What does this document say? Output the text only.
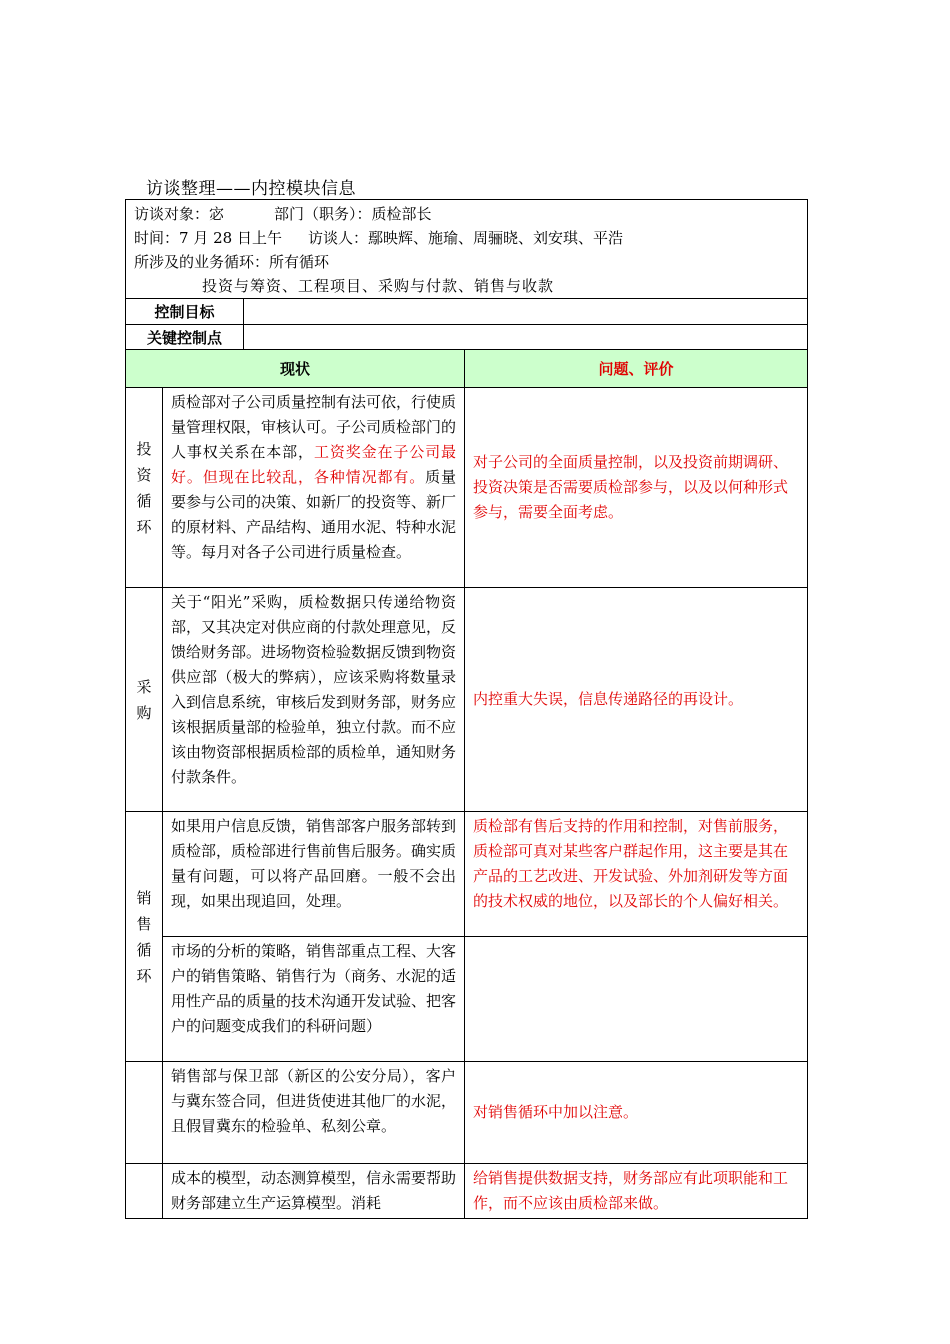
访谈整理——内控模块信息
访谈对象：宓 部门（职务）：质检部长
时间：7 月 28 日上午 访谈人：鄢映辉、施瑜、周骊晓、刘安琪、平浩
所涉及的业务循环：所有循环
投资与筹资、工程项目、采购与付款、销售与收款			

控制目标			
关键控制点			
现状			问题、评价

投
资
循
环	质检部对子公司质量控制有法可依，行使质量管理权限，审核认可。子公司质检部门的人事权关系在本部，工资奖金在子公司最好。但现在比较乱，各种情况都有。质量要参与公司的决策、如新厂的投资等、新厂的原材料、产品结构、通用水泥、特种水泥等。每月对各子公司进行质量检查。		对子公司的全面质量控制，以及投资前期调研、投资决策是否需要质检部参与，以及以何种形式参与，需要全面考虑。

采
购	关于“阳光”采购，质检数据只传递给物资部，又其决定对供应商的付款处理意见，反馈给财务部。进场物资检验数据反馈到物资供应部（极大的弊病），应该采购将数量录入到信息系统，审核后发到财务部，财务应该根据质量部的检验单，独立付款。而不应该由物资部根据质检部的质检单，通知财务付款条件。		内控重大失误，信息传递路径的再设计。

销
售
循
环	如果用户信息反馈，销售部客户服务部转到质检部，质检部进行售前售后服务。确实质量有问题，可以将产品回磨。一般不会出现，如果出现追回，处理。		质检部有售后支持的作用和控制，对售前服务，质检部可真对某些客户群起作用，这主要是其在产品的工艺改进、开发试验、外加剂研发等方面的技术权威的地位，以及部长的个人偏好相关。
	市场的分析的策略，销售部重点工程、大客户的销售策略、销售行为（商务、水泥的适用性产品的质量的技术沟通开发试验、把客户的问题变成我们的科研问题）		
	销售部与保卫部（新区的公安分局），客户与冀东签合同，但进货使进其他厂的水泥，且假冒冀东的检验单、私刻公章。		对销售循环中加以注意。
	成本的模型，动态测算模型，信永需要帮助财务部建立生产运算模型。消耗		给销售提供数据支持，财务部应有此项职能和工作，而不应该由质检部来做。
